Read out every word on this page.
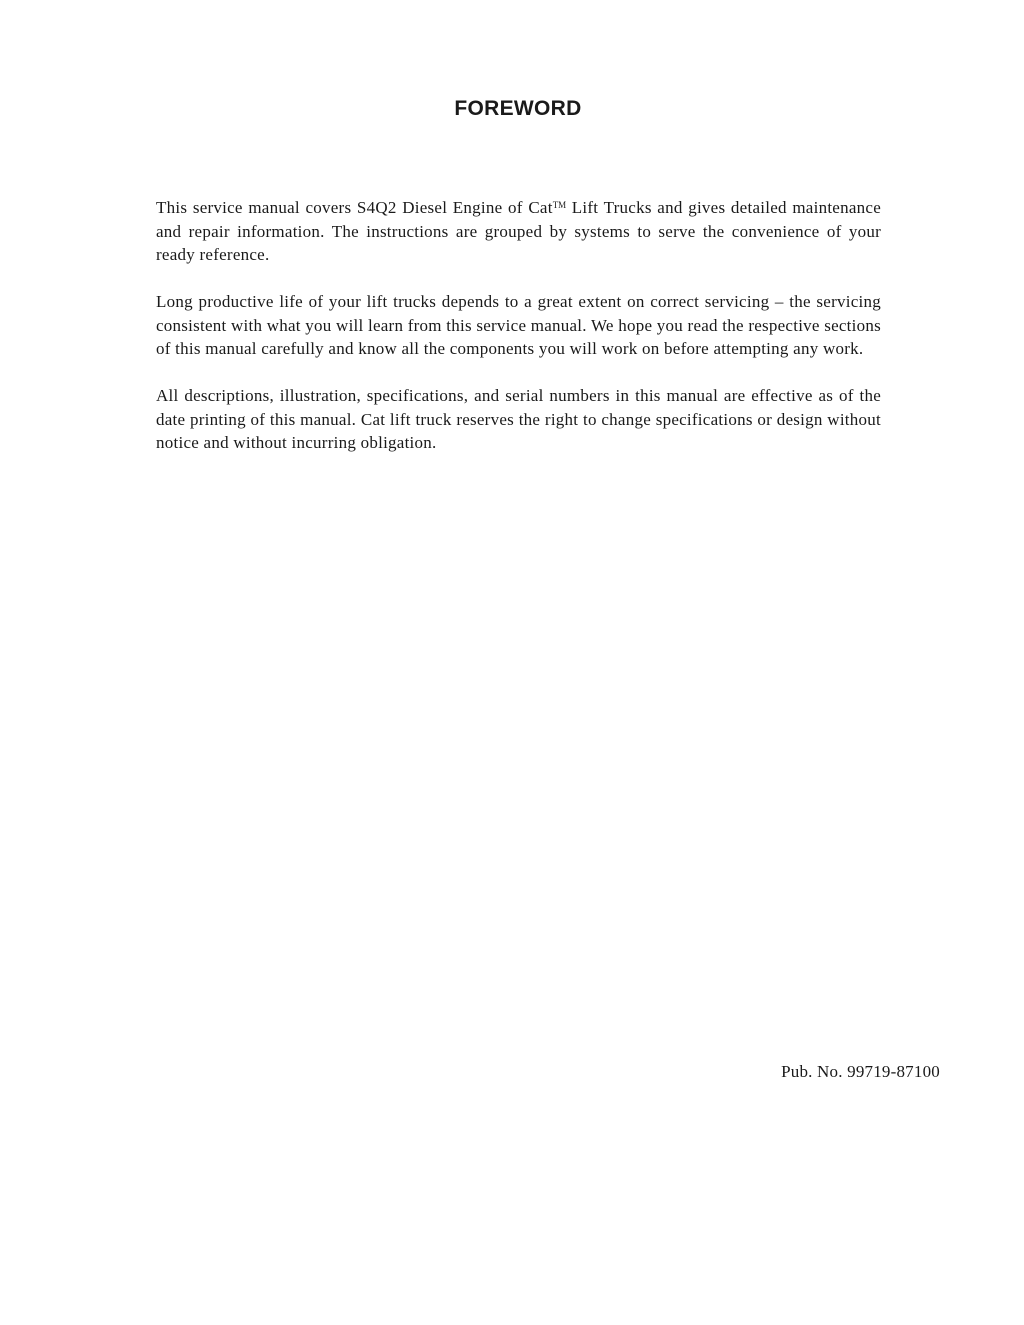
FOREWORD

This service manual covers S4Q2 Diesel Engine of Cat™ Lift Trucks and gives detailed maintenance and repair information. The instructions are grouped by systems to serve the convenience of your ready reference.

Long productive life of your lift trucks depends to a great extent on correct servicing – the servicing consistent with what you will learn from this service manual. We hope you read the respective sections of this manual carefully and know all the components you will work on before attempting any work.

All descriptions, illustration, specifications, and serial numbers in this manual are effective as of the date printing of this manual. Cat lift truck reserves the right to change specifications or design without notice and without incurring obligation.

Pub. No. 99719-87100
